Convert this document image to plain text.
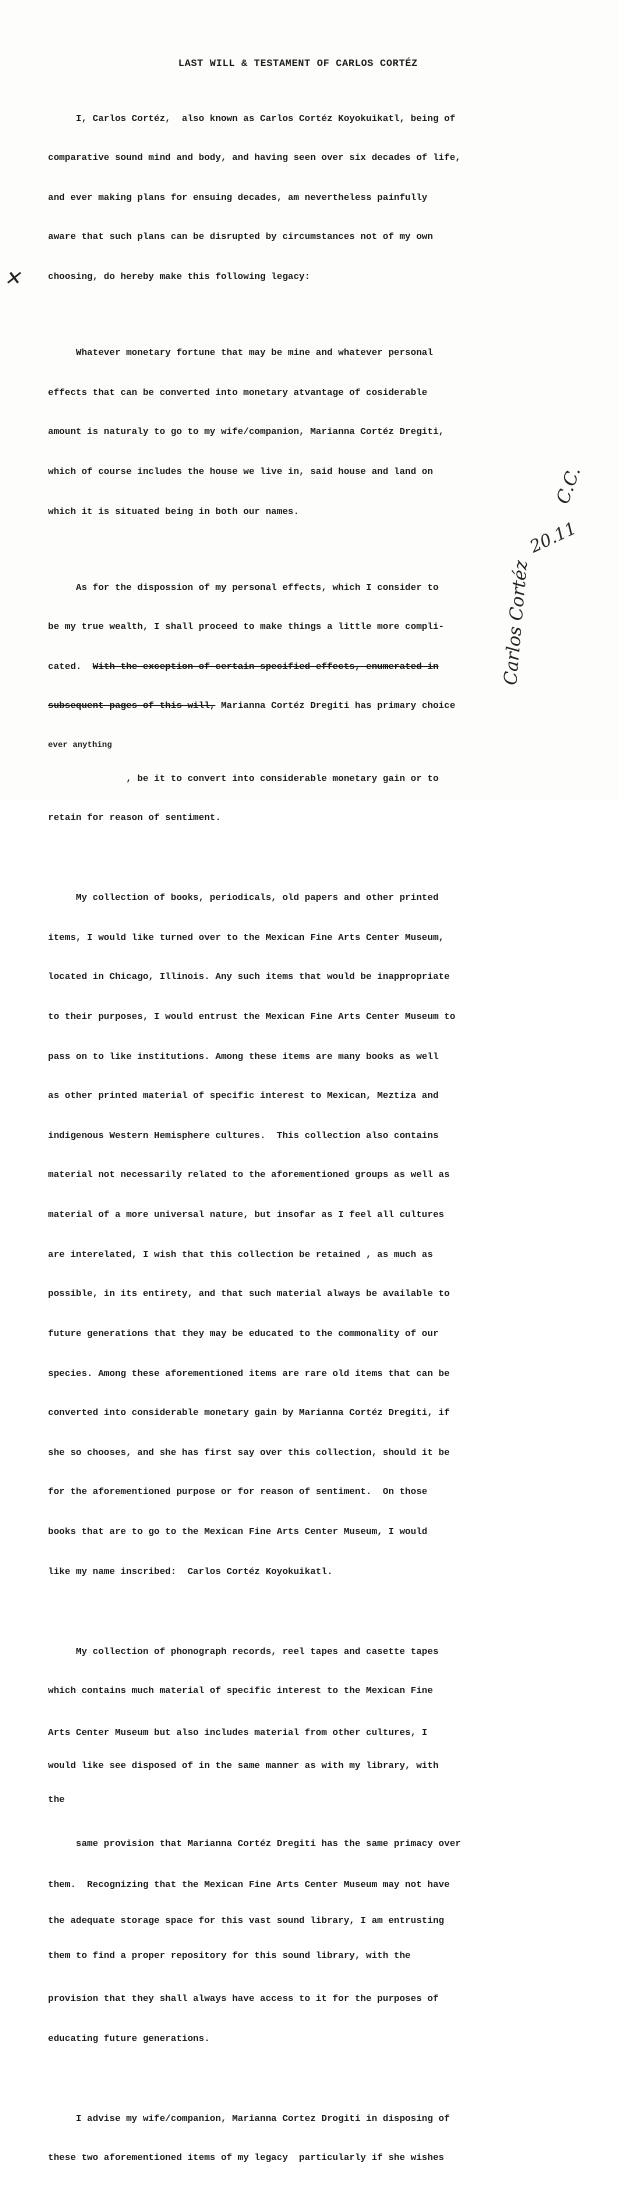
LAST WILL & TESTAMENT OF CARLOS CORTÉZ

I, Carlos Cortéz,  also known as Carlos Cortéz Koyokuikatl, being of

comparative sound mind and body, and having seen over six decades of life,

and ever making plans for ensuing decades, am nevertheless painfully

aware that such plans can be disrupted by circumstances not of my own

choosing, do hereby make this following legacy:

Whatever monetary fortune that may be mine and whatever personal

effects that can be converted into monetary atvantage of cosiderable

amount is naturaly to go to my wife/companion, Marianna Cortéz Dregiti,

which of course includes the house we live in, said house and land on

which it is situated being in both our names.

As for the dispossion of my personal effects, which I consider to

be my true wealth, I shall proceed to make things a little more compli-

cated. With the exception of certain specified effects, enumerated in

subsequent pages of this will, Marianna Cortéz Dregiti has primary choice

ever anything

, be it to convert into considerable monetary gain or to

retain for reason of sentiment.

My collection of books, periodicals, old papers and other printed

items, I would like turned over to the Mexican Fine Arts Center Museum,

located in Chicago, Illinois. Any such items that would be inappropriate

to their purposes, I would entrust the Mexican Fine Arts Center Museum to

pass on to like institutions. Among these items are many books as well

as other printed material of specific interest to Mexican, Meztiza and

indigenous Western Hemisphere cultures.  This collection also contains

material not necessarily related to the aforementioned groups as well as

material of a more universal nature, but insofar as I feel all cultures

are interelated, I wish that this collection be retained , as much as

possible, in its entirety, and that such material always be available to

future generations that they may be educated to the commonality of our

species. Among these aforementioned items are rare old items that can be

converted into considerable monetary gain by Marianna Cortéz Dregiti, if

she so chooses, and she has first say over this collection, should it be

for the aforementioned purpose or for reason of sentiment.  On those

books that are to go to the Mexican Fine Arts Center Museum, I would

like my name inscribed:  Carlos Cortéz Koyokuikatl.

My collection of phonograph records, reel tapes and casette tapes

which contains much material of specific interest to the Mexican Fine

Arts Center Museum but also includes material from other cultures, I

would like see disposed of in the same manner as with my library, with

the

same provision that Marianna Cortéz Dregiti has the same primacy over

them.  Recognizing that the Mexican Fine Arts Center Museum may not have

the adequate storage space for this vast sound library, I am entrusting

them to find a proper repository for this sound library, with the

provision that they shall always have access to it for the purposes of

educating future generations.

I advise my wife/companion, Marianna Cortez Drogiti in disposing of

these two aforementioned items of my legacy  particularly if she wishes

✕
C.C.
20.11
Carlos Cortéz
